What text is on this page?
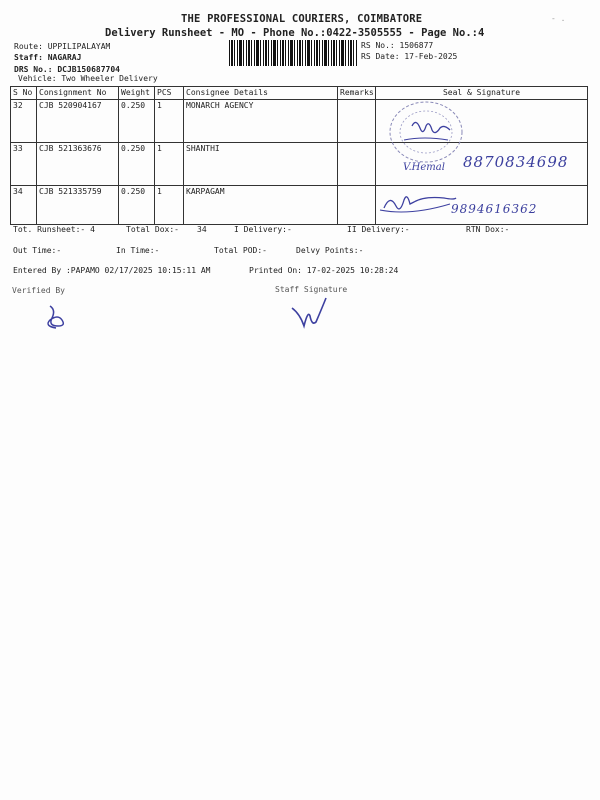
THE PROFESSIONAL COURIERS, COIMBATORE
Delivery Runsheet - MO - Phone No.:0422-3505555 - Page No.:4
- .
Route: UPPILIPALAYAM
Staff: NAGARAJ
DRS No.: DCJB150687704
Vehicle: Two Wheeler Delivery
RS No.: 1506877
RS Date: 17-Feb-2025
S No	Consignment No	Weight	PCS	Consignee Details	Remarks	Seal & Signature
32	CJB 520904167	0.250	1	MONARCH AGENCY		
33	CJB 521363676	0.250	1	SHANTHI		
34	CJB 521335759	0.250	1	KARPAGAM		
V.Hemal 8870834698
9894616362
Tot. Runsheet:- 4	Total Dox:- 34	I Delivery:-	II Delivery:-	RTN Dox:-
Out Time:-	In Time:-	Total POD:-	Delvy Points:-
Entered By :PAPAMO 02/17/2025 10:15:11 AM	Printed On: 17-02-2025 10:28:24
Verified By	Staff Signature
